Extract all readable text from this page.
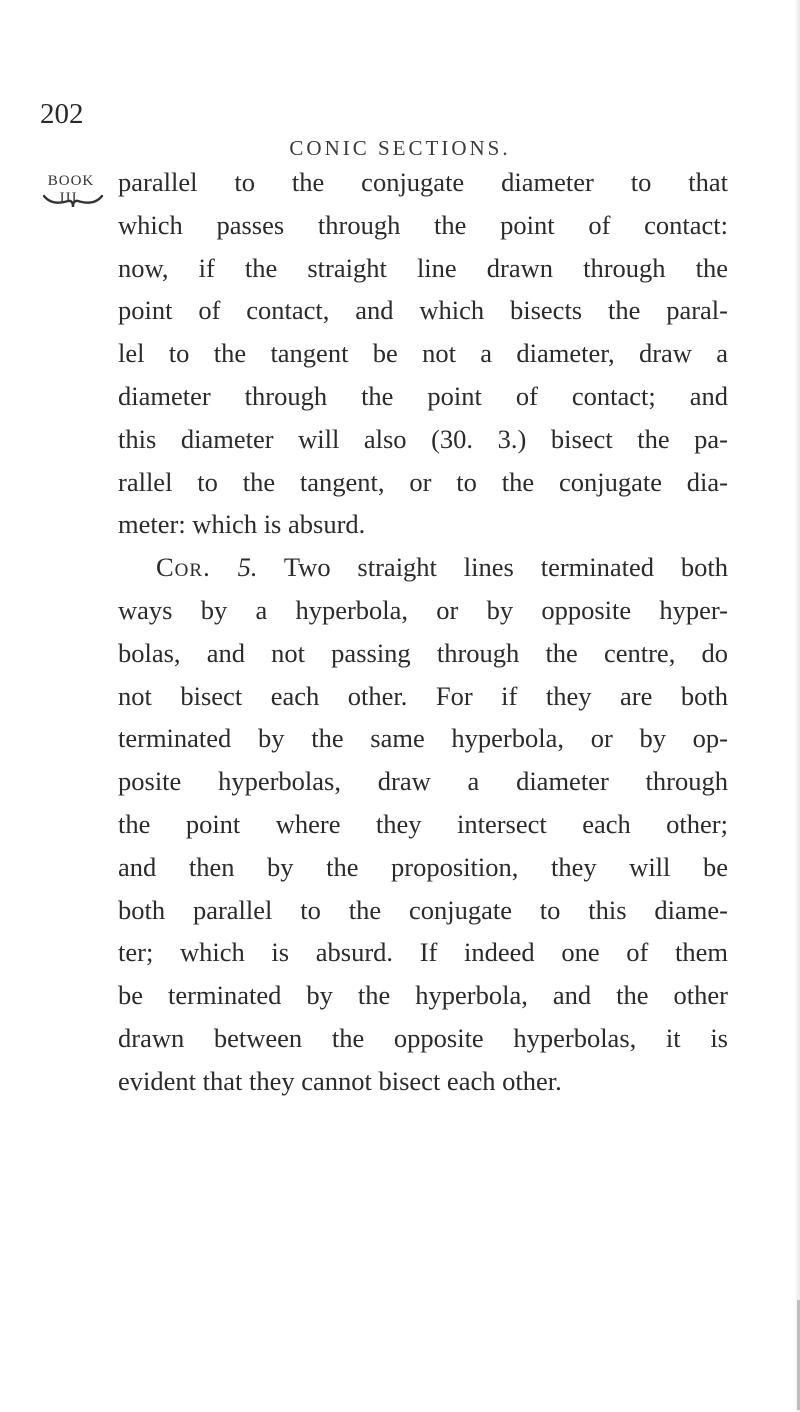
202
CONIC SECTIONS.
BOOK III.
parallel to the conjugate diameter to that
which passes through the point of contact:
now, if the straight line drawn through the
point of contact, and which bisects the paral-
lel to the tangent be not a diameter, draw a
diameter through the point of contact; and
this diameter will also (30. 3.) bisect the pa-
rallel to the tangent, or to the conjugate dia-
meter: which is absurd.
Cor. 5. Two straight lines terminated both
ways by a hyperbola, or by opposite hyper-
bolas, and not passing through the centre, do
not bisect each other. For if they are both
terminated by the same hyperbola, or by op-
posite hyperbolas, draw a diameter through
the point where they intersect each other;
and then by the proposition, they will be
both parallel to the conjugate to this diame-
ter; which is absurd. If indeed one of them
be terminated by the hyperbola, and the other
drawn between the opposite hyperbolas, it is
evident that they cannot bisect each other.
